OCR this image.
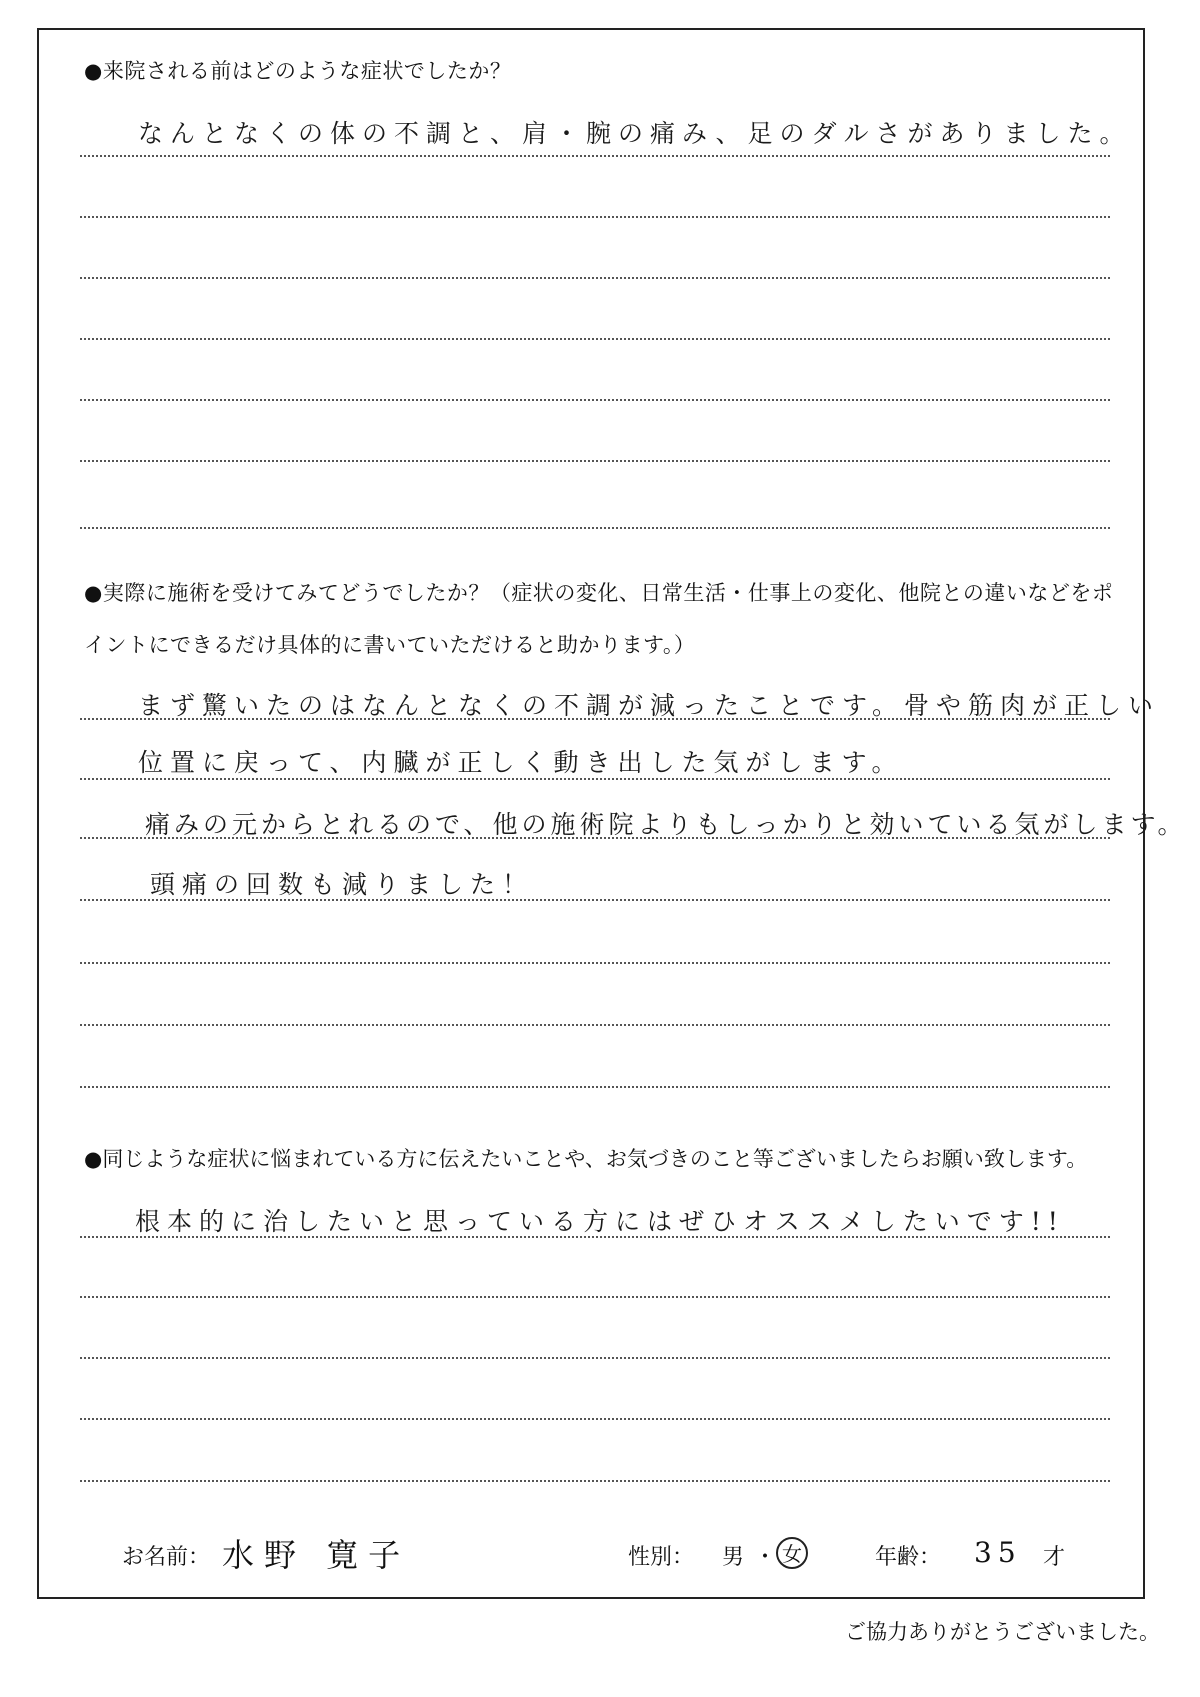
●来院される前はどのような症状でしたか？
なんとなくの体の不調と、肩・腕の痛み、足のダルさがありました。
●実際に施術を受けてみてどうでしたか？（症状の変化、日常生活・仕事上の変化、他院との違いなどをポイントにできるだけ具体的に書いていただけると助かります。）
まず驚いたのはなんとなくの不調が減ったことです。骨や筋肉が正しい
位置に戻って、内臓が正しく動き出した気がします。
痛みの元からとれるので、他の施術院よりもしっかりと効いている気がします。
頭痛の回数も減りました！
●同じような症状に悩まれている方に伝えたいことや、お気づきのこと等ございましたらお願い致します。
根本的に治したいと思っている方にはぜひオススメしたいです!!
お名前： 水野 寛子	性別： 男 ・ 女	年齢： 35 才
ご協力ありがとうございました。
